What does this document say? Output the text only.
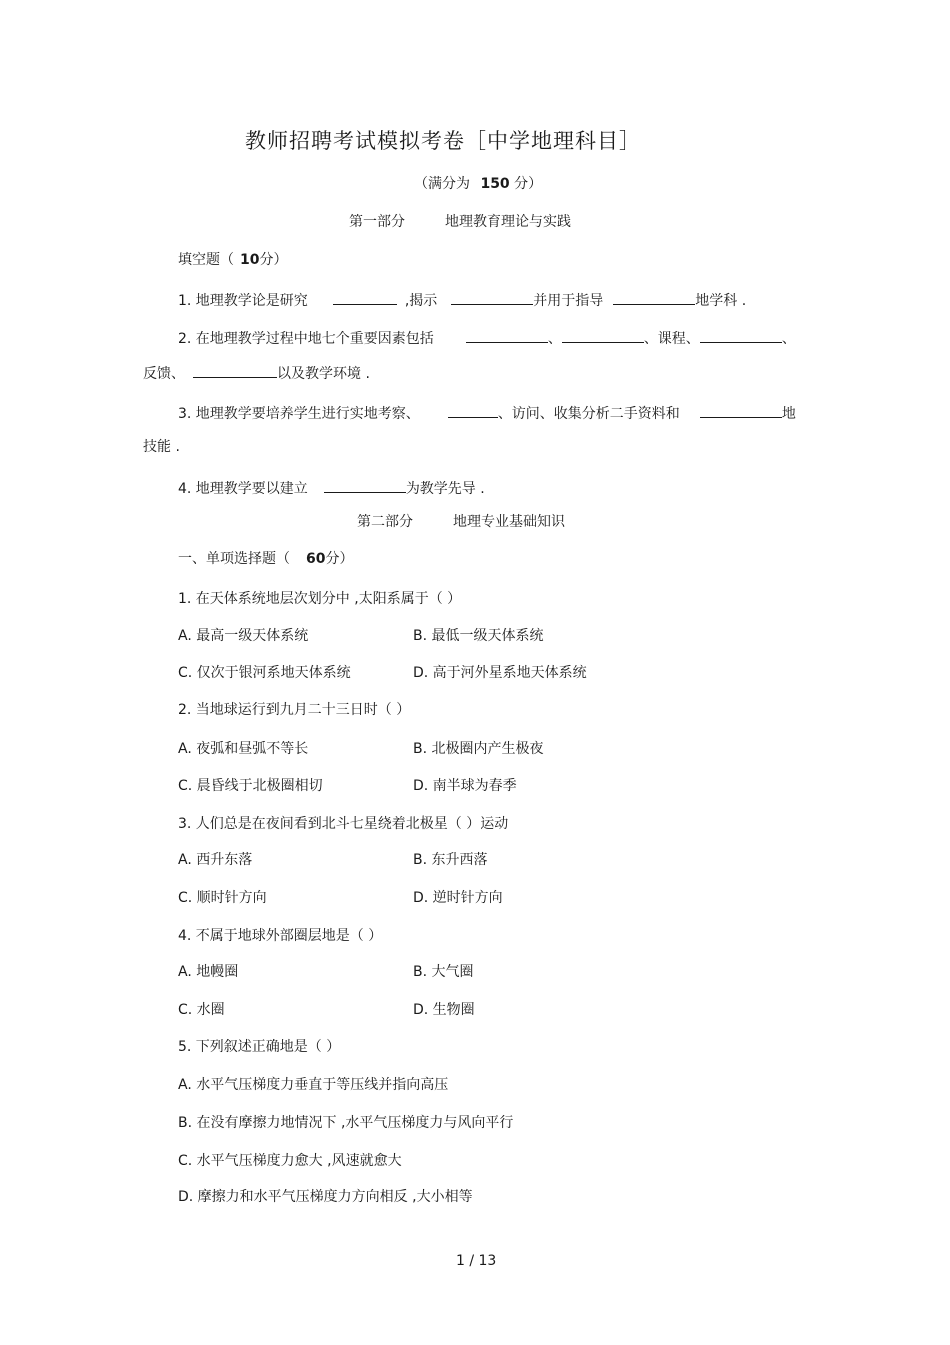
教师招聘考试模拟考卷［中学地理科目］
（满分为 150 分）
第一部分	地理教育理论与实践
填空题（ 10分）
1. 地理教学论是研究	,揭示	并用于指导	地学科 .
2. 在地理教学过程中地七个重要因素包括	、	、课程、	、
反馈、	以及教学环境 .
3. 地理教学要培养学生进行实地考察、	、访问、收集分析二手资料和	地
技能 .
4. 地理教学要以建立	为教学先导 .
第二部分	地理专业基础知识
一、单项选择题（ 60分）
1. 在天体系统地层次划分中 ,太阳系属于（ ）
A. 最高一级天体系统	B. 最低一级天体系统
C. 仅次于银河系地天体系统	D. 高于河外星系地天体系统
2. 当地球运行到九月二十三日时（ ）
A. 夜弧和昼弧不等长	B. 北极圈内产生极夜
C. 晨昏线于北极圈相切	D. 南半球为春季
3. 人们总是在夜间看到北斗七星绕着北极星（ ）运动
A. 西升东落	B. 东升西落
C. 顺时针方向	D. 逆时针方向
4. 不属于地球外部圈层地是（ ）
A. 地幔圈	B. 大气圈
C. 水圈	D. 生物圈
5. 下列叙述正确地是（ ）
A. 水平气压梯度力垂直于等压线并指向高压
B. 在没有摩擦力地情况下 ,水平气压梯度力与风向平行
C. 水平气压梯度力愈大 ,风速就愈大
D. 摩擦力和水平气压梯度力方向相反 ,大小相等
1 / 13
